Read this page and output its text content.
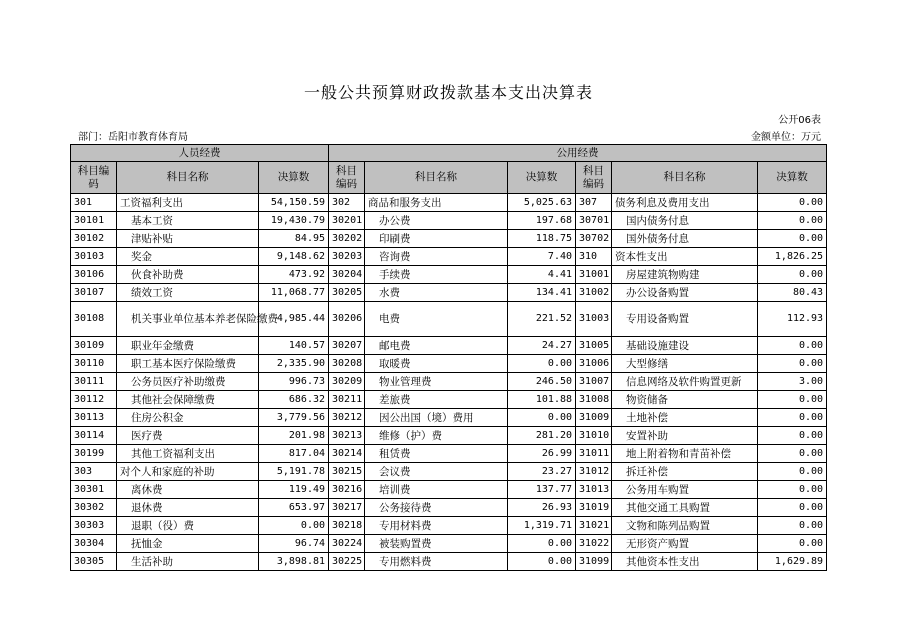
一般公共预算财政拨款基本支出决算表
公开06表
部门：岳阳市教育体育局	金额单位：万元
人员经费			公用经费					
科目编码	科目名称	决算数	科目编码	科目名称	决算数	科目编码	科目名称	决算数
301	工资福利支出	54,150.59	302	商品和服务支出	5,025.63	307	债务利息及费用支出	0.00
30101	基本工资	19,430.79	30201	办公费	197.68	30701	国内债务付息	0.00
30102	津贴补贴	84.95	30202	印刷费	118.75	30702	国外债务付息	0.00
30103	奖金	9,148.62	30203	咨询费	7.40	310	资本性支出	1,826.25
30106	伙食补助费	473.92	30204	手续费	4.41	31001	房屋建筑物购建	0.00
30107	绩效工资	11,068.77	30205	水费	134.41	31002	办公设备购置	80.43
30108	机关事业单位基本养老保险缴费	4,985.44	30206	电费	221.52	31003	专用设备购置	112.93
30109	职业年金缴费	140.57	30207	邮电费	24.27	31005	基础设施建设	0.00
30110	职工基本医疗保险缴费	2,335.90	30208	取暖费	0.00	31006	大型修缮	0.00
30111	公务员医疗补助缴费	996.73	30209	物业管理费	246.50	31007	信息网络及软件购置更新	3.00
30112	其他社会保障缴费	686.32	30211	差旅费	101.88	31008	物资储备	0.00
30113	住房公积金	3,779.56	30212	因公出国（境）费用	0.00	31009	土地补偿	0.00
30114	医疗费	201.98	30213	维修（护）费	281.20	31010	安置补助	0.00
30199	其他工资福利支出	817.04	30214	租赁费	26.99	31011	地上附着物和青苗补偿	0.00
303	对个人和家庭的补助	5,191.78	30215	会议费	23.27	31012	拆迁补偿	0.00
30301	离休费	119.49	30216	培训费	137.77	31013	公务用车购置	0.00
30302	退休费	653.97	30217	公务接待费	26.93	31019	其他交通工具购置	0.00
30303	退职（役）费	0.00	30218	专用材料费	1,319.71	31021	文物和陈列品购置	0.00
30304	抚恤金	96.74	30224	被装购置费	0.00	31022	无形资产购置	0.00
30305	生活补助	3,898.81	30225	专用燃料费	0.00	31099	其他资本性支出	1,629.89
